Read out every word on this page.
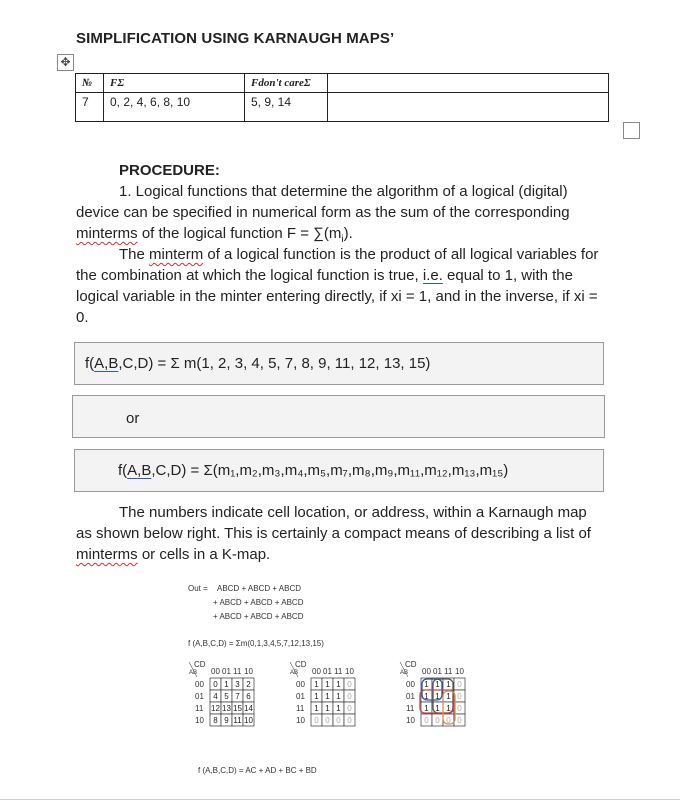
SIMPLIFICATION USING KARNAUGH MAPS’
✥
№	FΣ	Fdon't careΣ	
7	0, 2, 4, 6, 8, 10	5, 9, 14	
PROCEDURE:
1. Logical functions that determine the algorithm of a logical (digital) device can be specified in numerical form as the sum of the corresponding minterms of the logical function $F = \sum(m_i)$.
The minterm of a logical function is the product of all logical variables for the combination at which the logical function is true, i.e. equal to 1, with the logical variable in the minter entering directly, if xi = 1, and in the inverse, if xi = 0.
f(A,B,C,D) = Σ m(1, 2, 3, 4, 5, 7, 8, 9, 11, 12, 13, 15)
or
f(A,B,C,D) = Σ(m₁,m₂,m₃,m₄,m₅,m₇,m₈,m₉,m₁₁,m₁₂,m₁₃,m₁₅)
The numbers indicate cell location, or address, within a Karnaugh map as shown below right. This is certainly a compact means of describing a list of minterms or cells in a K-map.
Out = ABCD + ABCD + ABCD
+ ABCD + ABCD + ABCD
+ ABCD + ABCD + ABCD
f (A,B,C,D) = Σm(0,1,3,4,5,7,12,13,15)
f (A,B,C,D) = AC + AD + BC + BD
CD
AB 00 01 11 10
00
01
11
10
0 1 3 2
4 5 7 6
12 13 15 14
8 9 11 10
CD
AB 00 01 11 10
00
01
11
10
1 1 1 0
1 1 1 0
1 1 1 0
0 0 0 0
CD
AB 00 01 11 10
00
01
11
10
1 1 1 0
1 1 1 0
1 1 1 0
0 0 0 0
